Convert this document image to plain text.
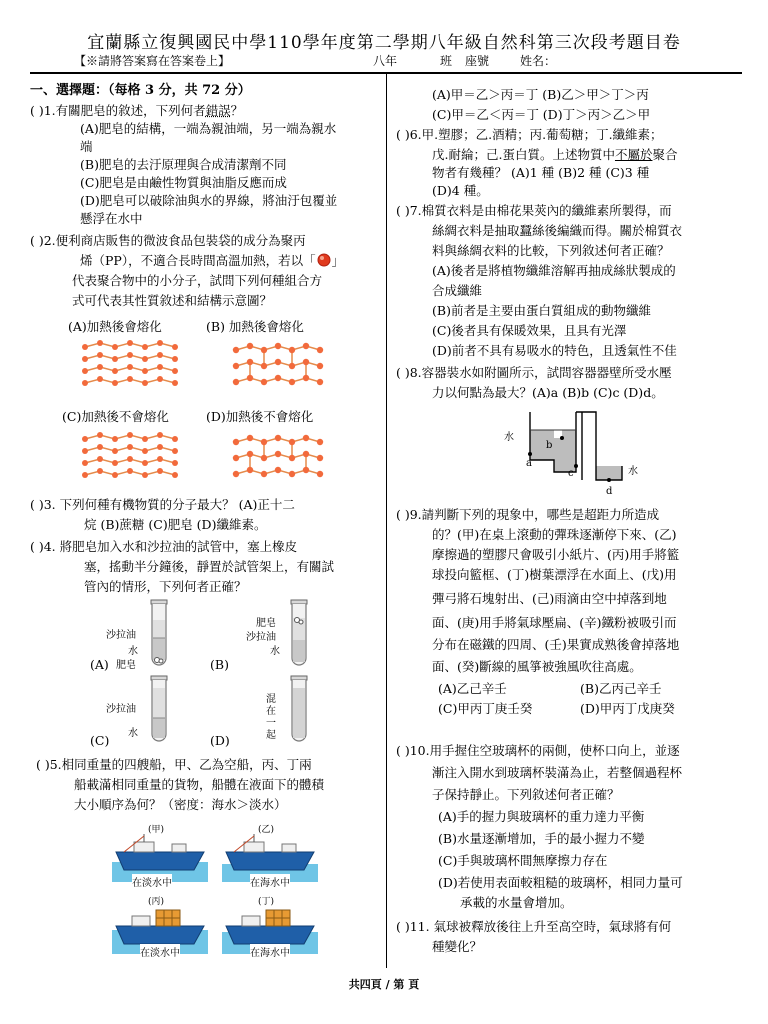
宜蘭縣立復興國民中學110學年度第二學期八年級自然科第三次段考題目卷
【※請將答案寫在答案卷上】	八年	班 座號	姓名：
一、選擇題：（每格 3 分，共 72 分）
( )1.有關肥皂的敘述，下列何者錯誤？
(A)肥皂的結構，一端為親油端，另一端為親水
端
(B)肥皂的去汙原理與合成清潔劑不同
(C)肥皂是由鹼性物質與油脂反應而成
(D)肥皂可以破除油與水的界線，將油汙包覆並
懸浮在水中
( )2.便利商店販售的微波食品包裝袋的成分為聚丙
烯（PP），不適合長時間高溫加熱，若以「 」
代表聚合物中的小分子，試問下列何種組合方
式可代表其性質敘述和結構示意圖？
(A)加熱後會熔化	(B) 加熱後會熔化
(C)加熱後不會熔化	(D)加熱後不會熔化
( )3. 下列何種有機物質的分子最大？ (A)正十二
烷 (B)蔗糖 (C)肥皂 (D)纖維素。
( )4. 將肥皂加入水和沙拉油的試管中，塞上橡皮
塞，搖動半分鐘後，靜置於試管架上，有關試
管內的情形，下列何者正確？
(A)
沙拉油
水
肥皂	(B)
肥皂
沙拉油
水
(C)
沙拉油
水	(D)
混在一起
( )5.相同重量的四艘船，甲、乙為空船，丙、丁兩
船載滿相同重量的貨物，船體在液面下的體積
大小順序為何？（密度：海水＞淡水）
(甲)	(乙)
(丙)	(丁)
在淡水中	在海水中
在淡水中	在海水中
(A)甲＝乙＞丙＝丁 (B)乙＞甲＞丁＞丙
(C)甲＝乙＜丙＝丁 (D)丁＞丙＞乙＞甲
( )6.甲.塑膠；乙.酒精；丙.葡萄糖；丁.纖維素；
戊.耐綸；己.蛋白質。上述物質中不屬於聚合
物者有幾種？ (A)1 種 (B)2 種 (C)3 種
(D)4 種。
( )7.棉質衣料是由棉花果莢內的纖維素所製得，而
絲綢衣料是抽取蠶絲後編織而得。關於棉質衣
料與絲綢衣料的比較，下列敘述何者正確？
(A)後者是將植物纖維溶解再抽成絲狀製成的
合成纖維
(B)前者是主要由蛋白質組成的動物纖維
(C)後者具有保暖效果，且具有光澤
(D)前者不具有易吸水的特色，且透氣性不佳
( )8.容器裝水如附圖所示，試問容器器壁所受水壓
力以何點為最大？(A)a (B)b (C)c (D)d。
水
水
a
b
c
d
( )9.請判斷下列的現象中，哪些是超距力所造成
的？(甲)在桌上滾動的彈珠逐漸停下來、(乙)
摩擦過的塑膠尺會吸引小紙片、(丙)用手將籃
球投向籃框、(丁)樹葉漂浮在水面上、(戊)用
彈弓將石塊射出、(己)雨滴由空中掉落到地
面、(庚)用手將氣球壓扁、(辛)鐵粉被吸引而
分布在磁鐵的四周、(壬)果實成熟後會掉落地
面、(癸)斷線的風箏被強風吹往高處。
(A)乙己辛壬	(B)乙丙己辛壬
(C)甲丙丁庚壬癸	(D)甲丙丁戊庚癸
( )10.用手握住空玻璃杯的兩側，使杯口向上，並逐
漸注入開水到玻璃杯裝滿為止，若整個過程杯
子保持靜止。下列敘述何者正確？
(A)手的握力與玻璃杯的重力達力平衡
(B)水量逐漸增加，手的最小握力不變
(C)手與玻璃杯間無摩擦力存在
(D)若使用表面較粗糙的玻璃杯，相同力量可
承載的水量會增加。
( )11. 氣球被釋放後往上升至高空時，氣球將有何
種變化？
共四頁 / 第 頁
